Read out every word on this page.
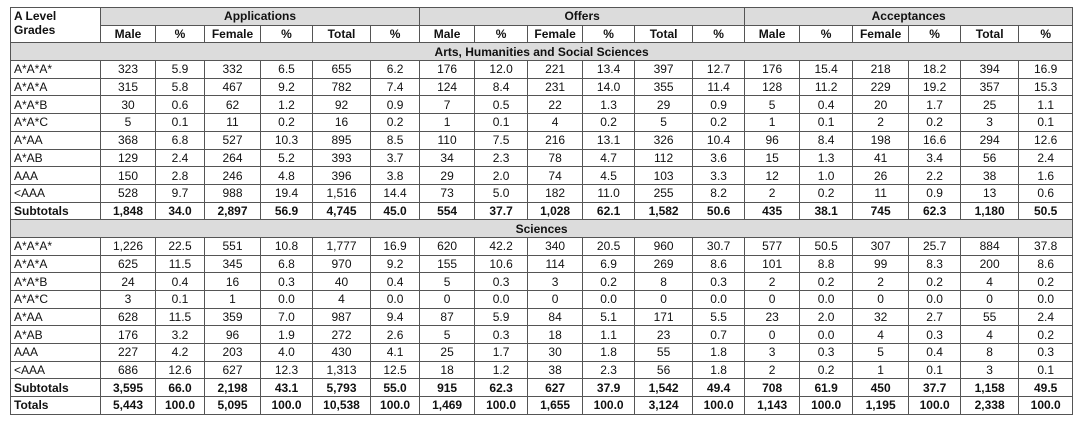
A Level
Grades	Applications						Offers						Acceptances					
	Male	%	Female	%	Total	%	Male	%	Female	%	Total	%	Male	%	Female	%	Total	%
Arts, Humanities and Social Sciences																		
A*A*A*	323	5.9	332	6.5	655	6.2	176	12.0	221	13.4	397	12.7	176	15.4	218	18.2	394	16.9
A*A*A	315	5.8	467	9.2	782	7.4	124	8.4	231	14.0	355	11.4	128	11.2	229	19.2	357	15.3
A*A*B	30	0.6	62	1.2	92	0.9	7	0.5	22	1.3	29	0.9	5	0.4	20	1.7	25	1.1
A*A*C	5	0.1	11	0.2	16	0.2	1	0.1	4	0.2	5	0.2	1	0.1	2	0.2	3	0.1
A*AA	368	6.8	527	10.3	895	8.5	110	7.5	216	13.1	326	10.4	96	8.4	198	16.6	294	12.6
A*AB	129	2.4	264	5.2	393	3.7	34	2.3	78	4.7	112	3.6	15	1.3	41	3.4	56	2.4
AAA	150	2.8	246	4.8	396	3.8	29	2.0	74	4.5	103	3.3	12	1.0	26	2.2	38	1.6
<AAA	528	9.7	988	19.4	1,516	14.4	73	5.0	182	11.0	255	8.2	2	0.2	11	0.9	13	0.6
Subtotals	1,848	34.0	2,897	56.9	4,745	45.0	554	37.7	1,028	62.1	1,582	50.6	435	38.1	745	62.3	1,180	50.5
Sciences																		
A*A*A*	1,226	22.5	551	10.8	1,777	16.9	620	42.2	340	20.5	960	30.7	577	50.5	307	25.7	884	37.8
A*A*A	625	11.5	345	6.8	970	9.2	155	10.6	114	6.9	269	8.6	101	8.8	99	8.3	200	8.6
A*A*B	24	0.4	16	0.3	40	0.4	5	0.3	3	0.2	8	0.3	2	0.2	2	0.2	4	0.2
A*A*C	3	0.1	1	0.0	4	0.0	0	0.0	0	0.0	0	0.0	0	0.0	0	0.0	0	0.0
A*AA	628	11.5	359	7.0	987	9.4	87	5.9	84	5.1	171	5.5	23	2.0	32	2.7	55	2.4
A*AB	176	3.2	96	1.9	272	2.6	5	0.3	18	1.1	23	0.7	0	0.0	4	0.3	4	0.2
AAA	227	4.2	203	4.0	430	4.1	25	1.7	30	1.8	55	1.8	3	0.3	5	0.4	8	0.3
<AAA	686	12.6	627	12.3	1,313	12.5	18	1.2	38	2.3	56	1.8	2	0.2	1	0.1	3	0.1
Subtotals	3,595	66.0	2,198	43.1	5,793	55.0	915	62.3	627	37.9	1,542	49.4	708	61.9	450	37.7	1,158	49.5
Totals	5,443	100.0	5,095	100.0	10,538	100.0	1,469	100.0	1,655	100.0	3,124	100.0	1,143	100.0	1,195	100.0	2,338	100.0
